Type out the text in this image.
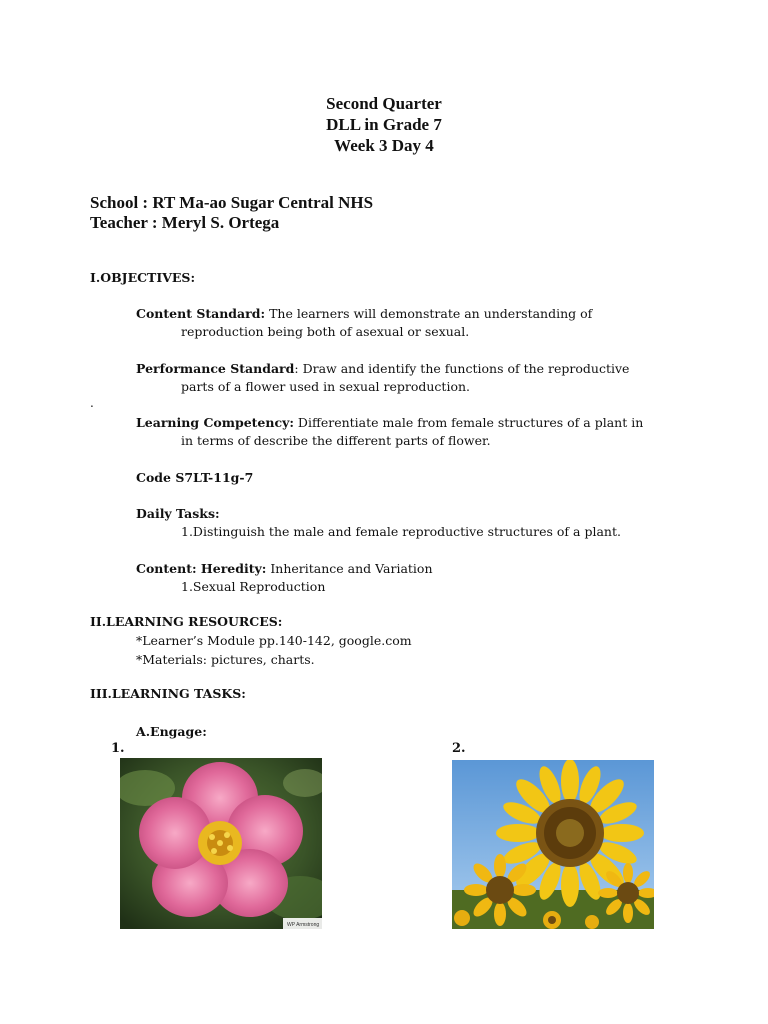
Second Quarter
DLL in Grade 7
Week 3 Day 4
School : RT Ma-ao Sugar Central NHS
Teacher : Meryl S. Ortega
I.OBJECTIVES:
Content Standard: The learners will demonstrate an understanding of
reproduction being both of asexual or sexual.
Performance Standard: Draw and identify the functions of the reproductive
parts of a flower used in sexual reproduction.
.
Learning Competency: Differentiate male from female structures of a plant in
in terms of describe the different parts of flower.
Code S7LT-11g-7
Daily Tasks:
1.Distinguish the male and female reproductive structures of a plant.
Content: Heredity: Inheritance and Variation
1.Sexual Reproduction
II.LEARNING RESOURCES:
*Learner’s Module pp.140-142, google.com
*Materials: pictures, charts.
III.LEARNING TASKS:
A.Engage:
1.	2.
WP Armstrong
